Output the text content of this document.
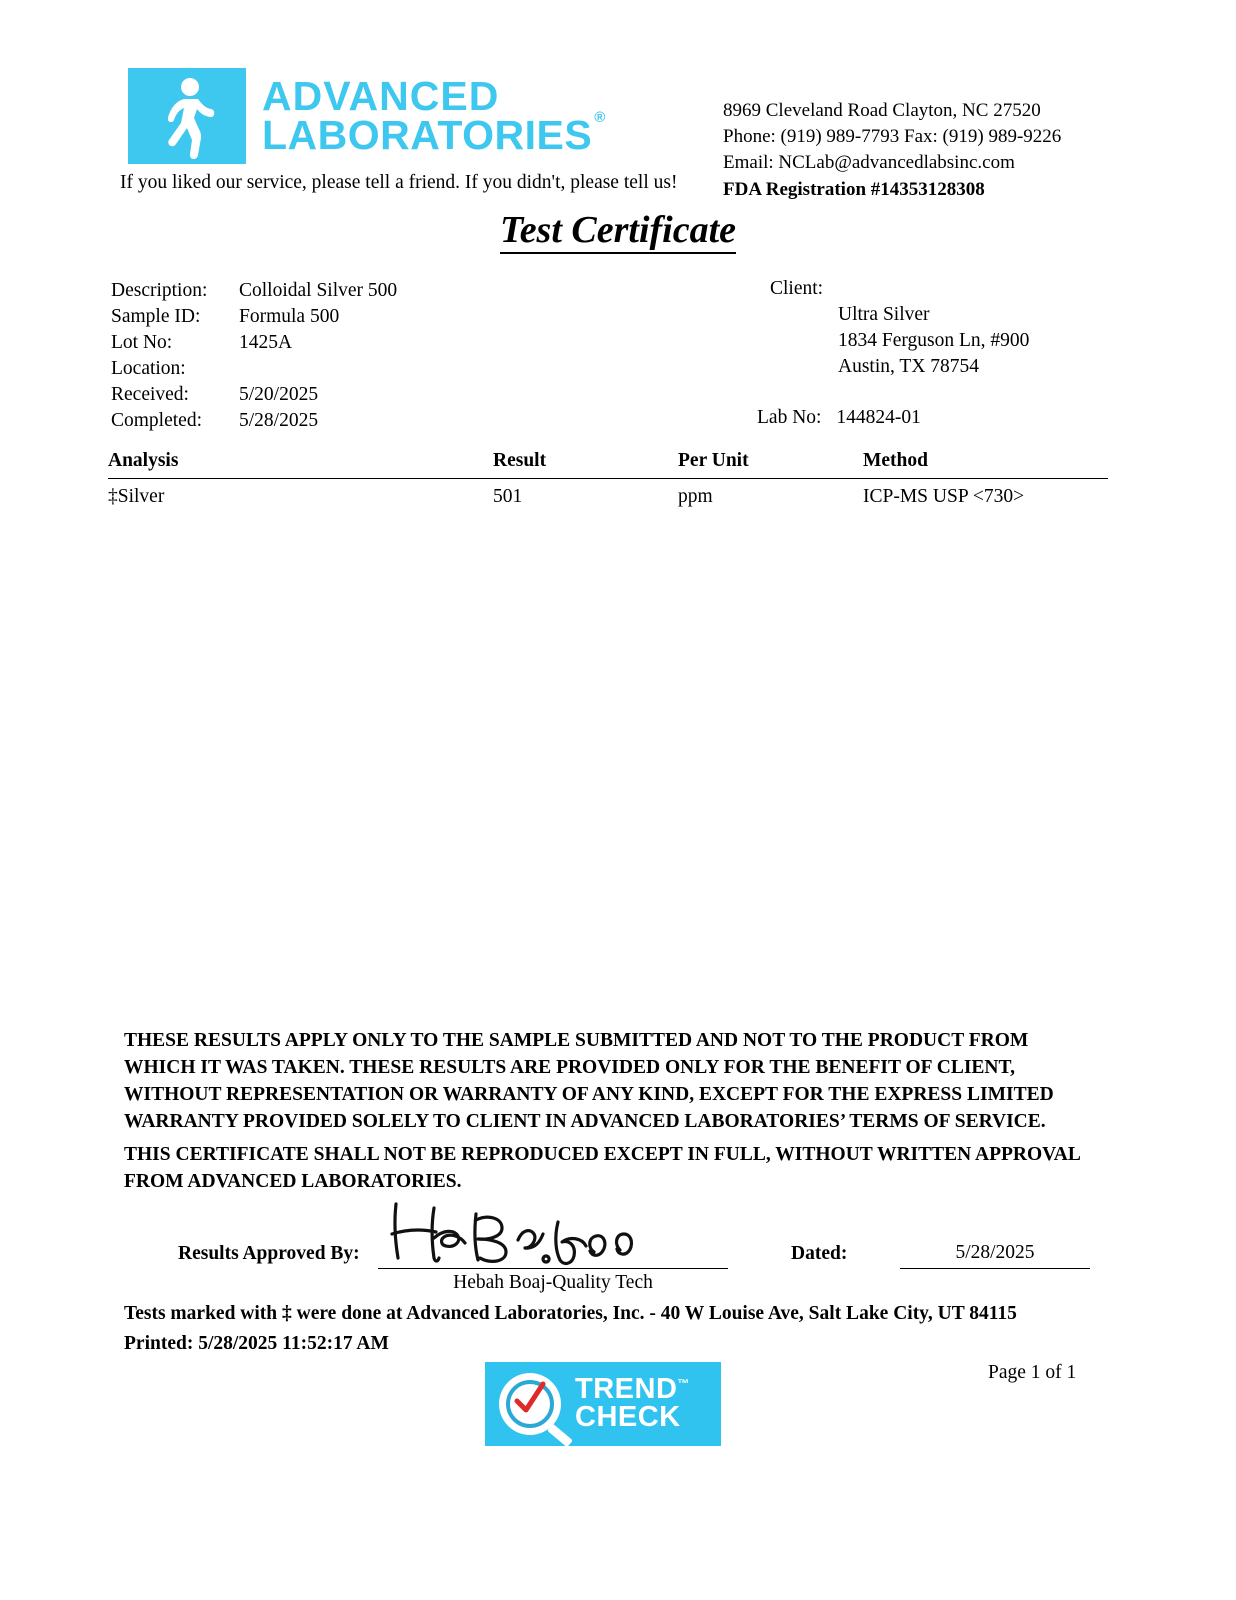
ADVANCED
LABORATORIES ®
If you liked our service, please tell a friend. If you didn't, please tell us!
8969 Cleveland Road Clayton, NC 27520
Phone: (919) 989-7793 Fax: (919) 989-9226
Email: NCLab@advancedlabsinc.com
FDA Registration #14353128308
Test Certificate
Description:	Colloidal Silver 500
Sample ID:	Formula 500
Lot No:	1425A
Location:
Received:	5/20/2025
Completed:	5/28/2025
Client:
Ultra Silver
1834 Ferguson Ln, #900
Austin, TX 78754
Lab No: 144824-01
Analysis	Result	Per Unit	Method
‡Silver	501	ppm	ICP-MS USP <730>
THESE RESULTS APPLY ONLY TO THE SAMPLE SUBMITTED AND NOT TO THE PRODUCT FROM WHICH IT WAS TAKEN. THESE RESULTS ARE PROVIDED ONLY FOR THE BENEFIT OF CLIENT, WITHOUT REPRESENTATION OR WARRANTY OF ANY KIND, EXCEPT FOR THE EXPRESS LIMITED WARRANTY PROVIDED SOLELY TO CLIENT IN ADVANCED LABORATORIES’ TERMS OF SERVICE.
THIS CERTIFICATE SHALL NOT BE REPRODUCED EXCEPT IN FULL, WITHOUT WRITTEN APPROVAL FROM ADVANCED LABORATORIES.
Results Approved By:
Hebah Boaj-Quality Tech
Dated:	5/28/2025
Tests marked with ‡ were done at Advanced Laboratories, Inc. - 40 W Louise Ave, Salt Lake City, UT 84115
Printed: 5/28/2025 11:52:17 AM
Page 1 of 1
TREND™
CHECK
